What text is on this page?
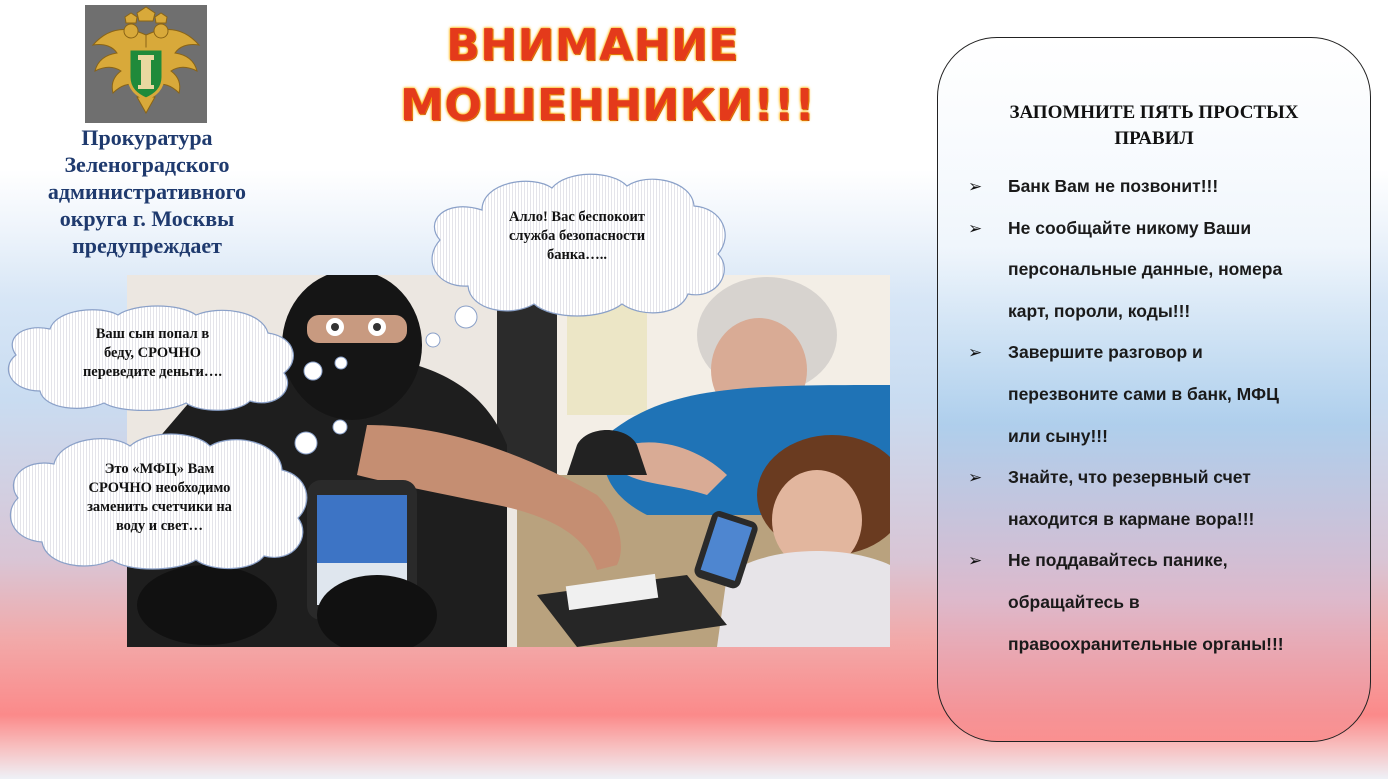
Прокуратура
Зеленоградского
административного
округа г. Москвы
предупреждает
ВНИМАНИЕ
МОШЕННИКИ!!!
Алло! Вас беспокоит
служба безопасности
банка…..
Ваш сын попал в
беду, СРОЧНО
переведите деньги….
Это «МФЦ» Вам
СРОЧНО необходимо
заменить счетчики на
воду и свет…
ЗАПОМНИТЕ ПЯТЬ ПРОСТЫХ
ПРАВИЛ
➢ Банк Вам не позвонит!!!
➢ Не сообщайте никому Ваши
персональные данные, номера
карт, пороли, коды!!!
➢ Завершите разговор и
перезвоните сами в банк, МФЦ
или сыну!!!
➢ Знайте, что резервный счет
находится в кармане вора!!!
➢ Не поддавайтесь панике,
обращайтесь в
правоохранительные органы!!!
